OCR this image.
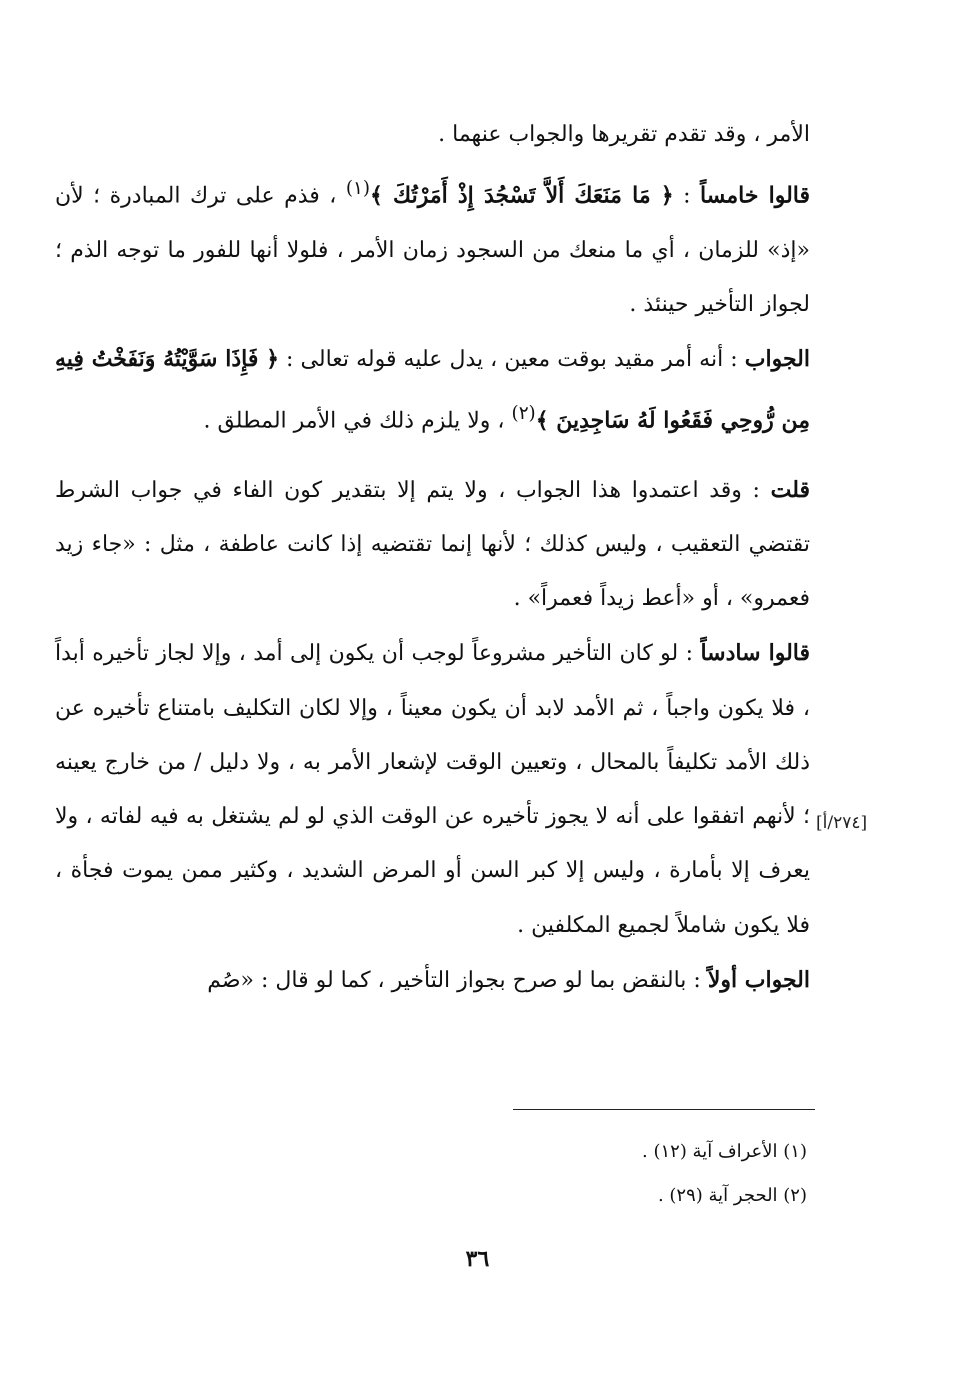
الأمر ، وقد تقدم تقريرها والجواب عنهما .

قالوا خامساً : ﴿ مَا مَنَعَكَ أَلاَّ تَسْجُدَ إِذْ أَمَرْتُكَ ﴾$^{(١)}$ ، فذم على ترك المبادرة ؛ لأن «إذ» للزمان ، أي ما منعك من السجود زمان الأمر ، فلولا أنها للفور ما توجه الذم ؛ لجواز التأخير حينئذ .

الجواب : أنه أمر مقيد بوقت معين ، يدل عليه قوله تعالى : ﴿ فَإِذَا سَوَّيْتُهُ وَنَفَخْتُ فِيهِ مِن رُّوحِي فَقَعُوا لَهُ سَاجِدِينَ ﴾$^{(٢)}$ ، ولا يلزم ذلك في الأمر المطلق .

قلت : وقد اعتمدوا هذا الجواب ، ولا يتم إلا بتقدير كون الفاء في جواب الشرط تقتضي التعقيب ، وليس كذلك ؛ لأنها إنما تقتضيه إذا كانت عاطفة ، مثل : «جاء زيد فعمرو» ، أو «أعط زيداً فعمراً» .

قالوا سادساً : لو كان التأخير مشروعاً لوجب أن يكون إلى أمد ، وإلا لجاز تأخيره أبداً ، فلا يكون واجباً ، ثم الأمد لابد أن يكون معيناً ، وإلا لكان التكليف بامتناع تأخيره عن ذلك الأمد تكليفاً بالمحال ، وتعيين الوقت لإشعار الأمر به ، ولا دليل / من خارج يعينه ؛ لأنهم اتفقوا على أنه لا يجوز تأخيره عن الوقت الذي لو لم يشتغل به فيه لفاته ، ولا يعرف إلا بأمارة ، وليس إلا كبر السن أو المرض الشديد ، وكثير ممن يموت فجأة ، فلا يكون شاملاً لجميع المكلفين .

الجواب أولاً : بالنقض بما لو صرح بجواز التأخير ، كما لو قال : «صُم

[٢٧٤/أ]

(١) الأعراف آية (١٢) .

(٢) الحجر آية (٢٩) .

٣٦
